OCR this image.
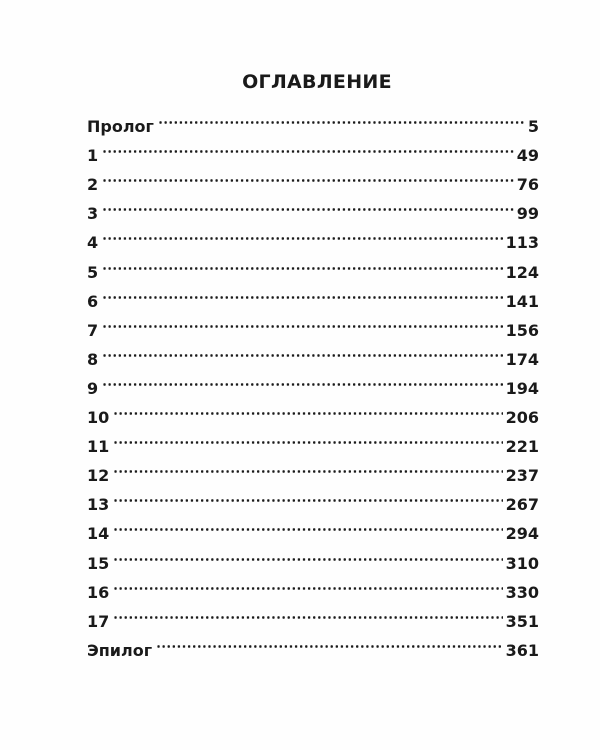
ОГЛАВЛЕНИЕ
Пролог	5
1	49
2	76
3	99
4	113
5	124
6	141
7	156
8	174
9	194
10	206
11	221
12	237
13	267
14	294
15	310
16	330
17	351
Эпилог	361
